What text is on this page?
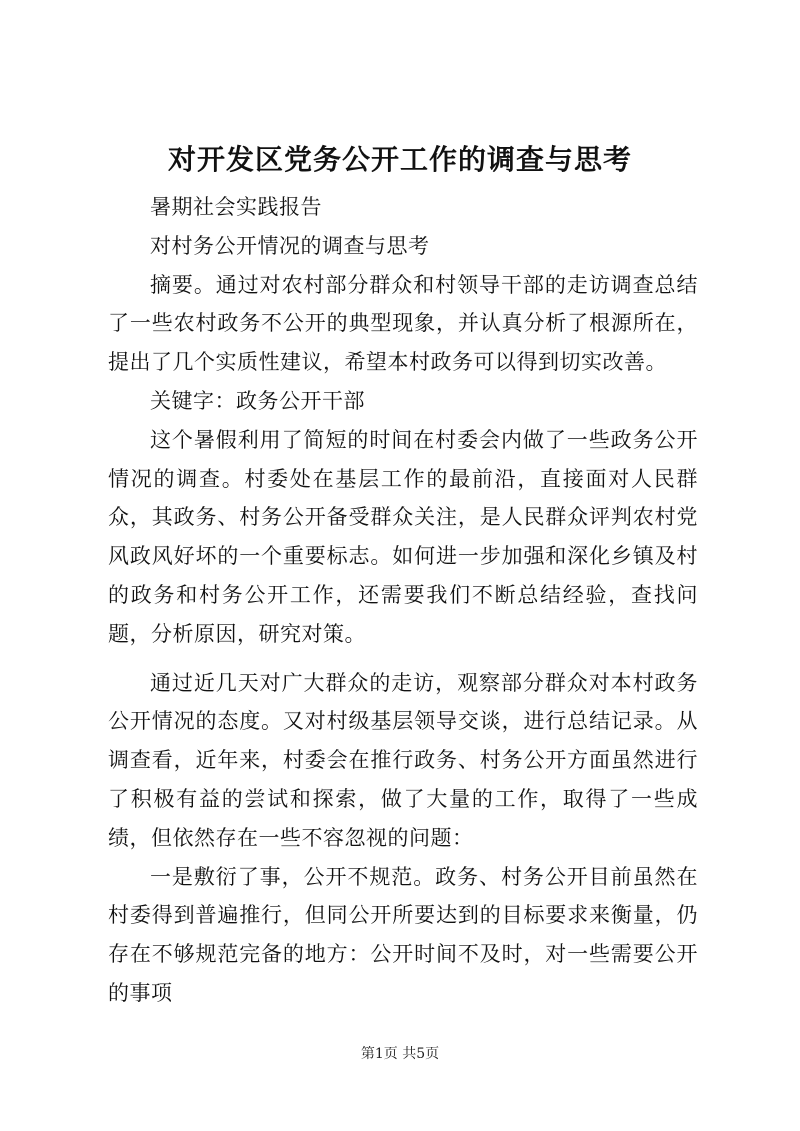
对开发区党务公开工作的调查与思考

暑期社会实践报告

对村务公开情况的调查与思考

摘要。通过对农村部分群众和村领导干部的走访调查总结了一些农村政务不公开的典型现象，并认真分析了根源所在，提出了几个实质性建议，希望本村政务可以得到切实改善。

关键字：政务公开干部

这个暑假利用了简短的时间在村委会内做了一些政务公开情况的调查。村委处在基层工作的最前沿，直接面对人民群众，其政务、村务公开备受群众关注，是人民群众评判农村党风政风好坏的一个重要标志。如何进一步加强和深化乡镇及村的政务和村务公开工作，还需要我们不断总结经验，查找问题，分析原因，研究对策。

通过近几天对广大群众的走访，观察部分群众对本村政务公开情况的态度。又对村级基层领导交谈，进行总结记录。从调查看，近年来，村委会在推行政务、村务公开方面虽然进行了积极有益的尝试和探索，做了大量的工作，取得了一些成绩，但依然存在一些不容忽视的问题：

一是敷衍了事，公开不规范。政务、村务公开目前虽然在村委得到普遍推行，但同公开所要达到的目标要求来衡量，仍存在不够规范完备的地方：公开时间不及时，对一些需要公开的事项

第1页 共5页
